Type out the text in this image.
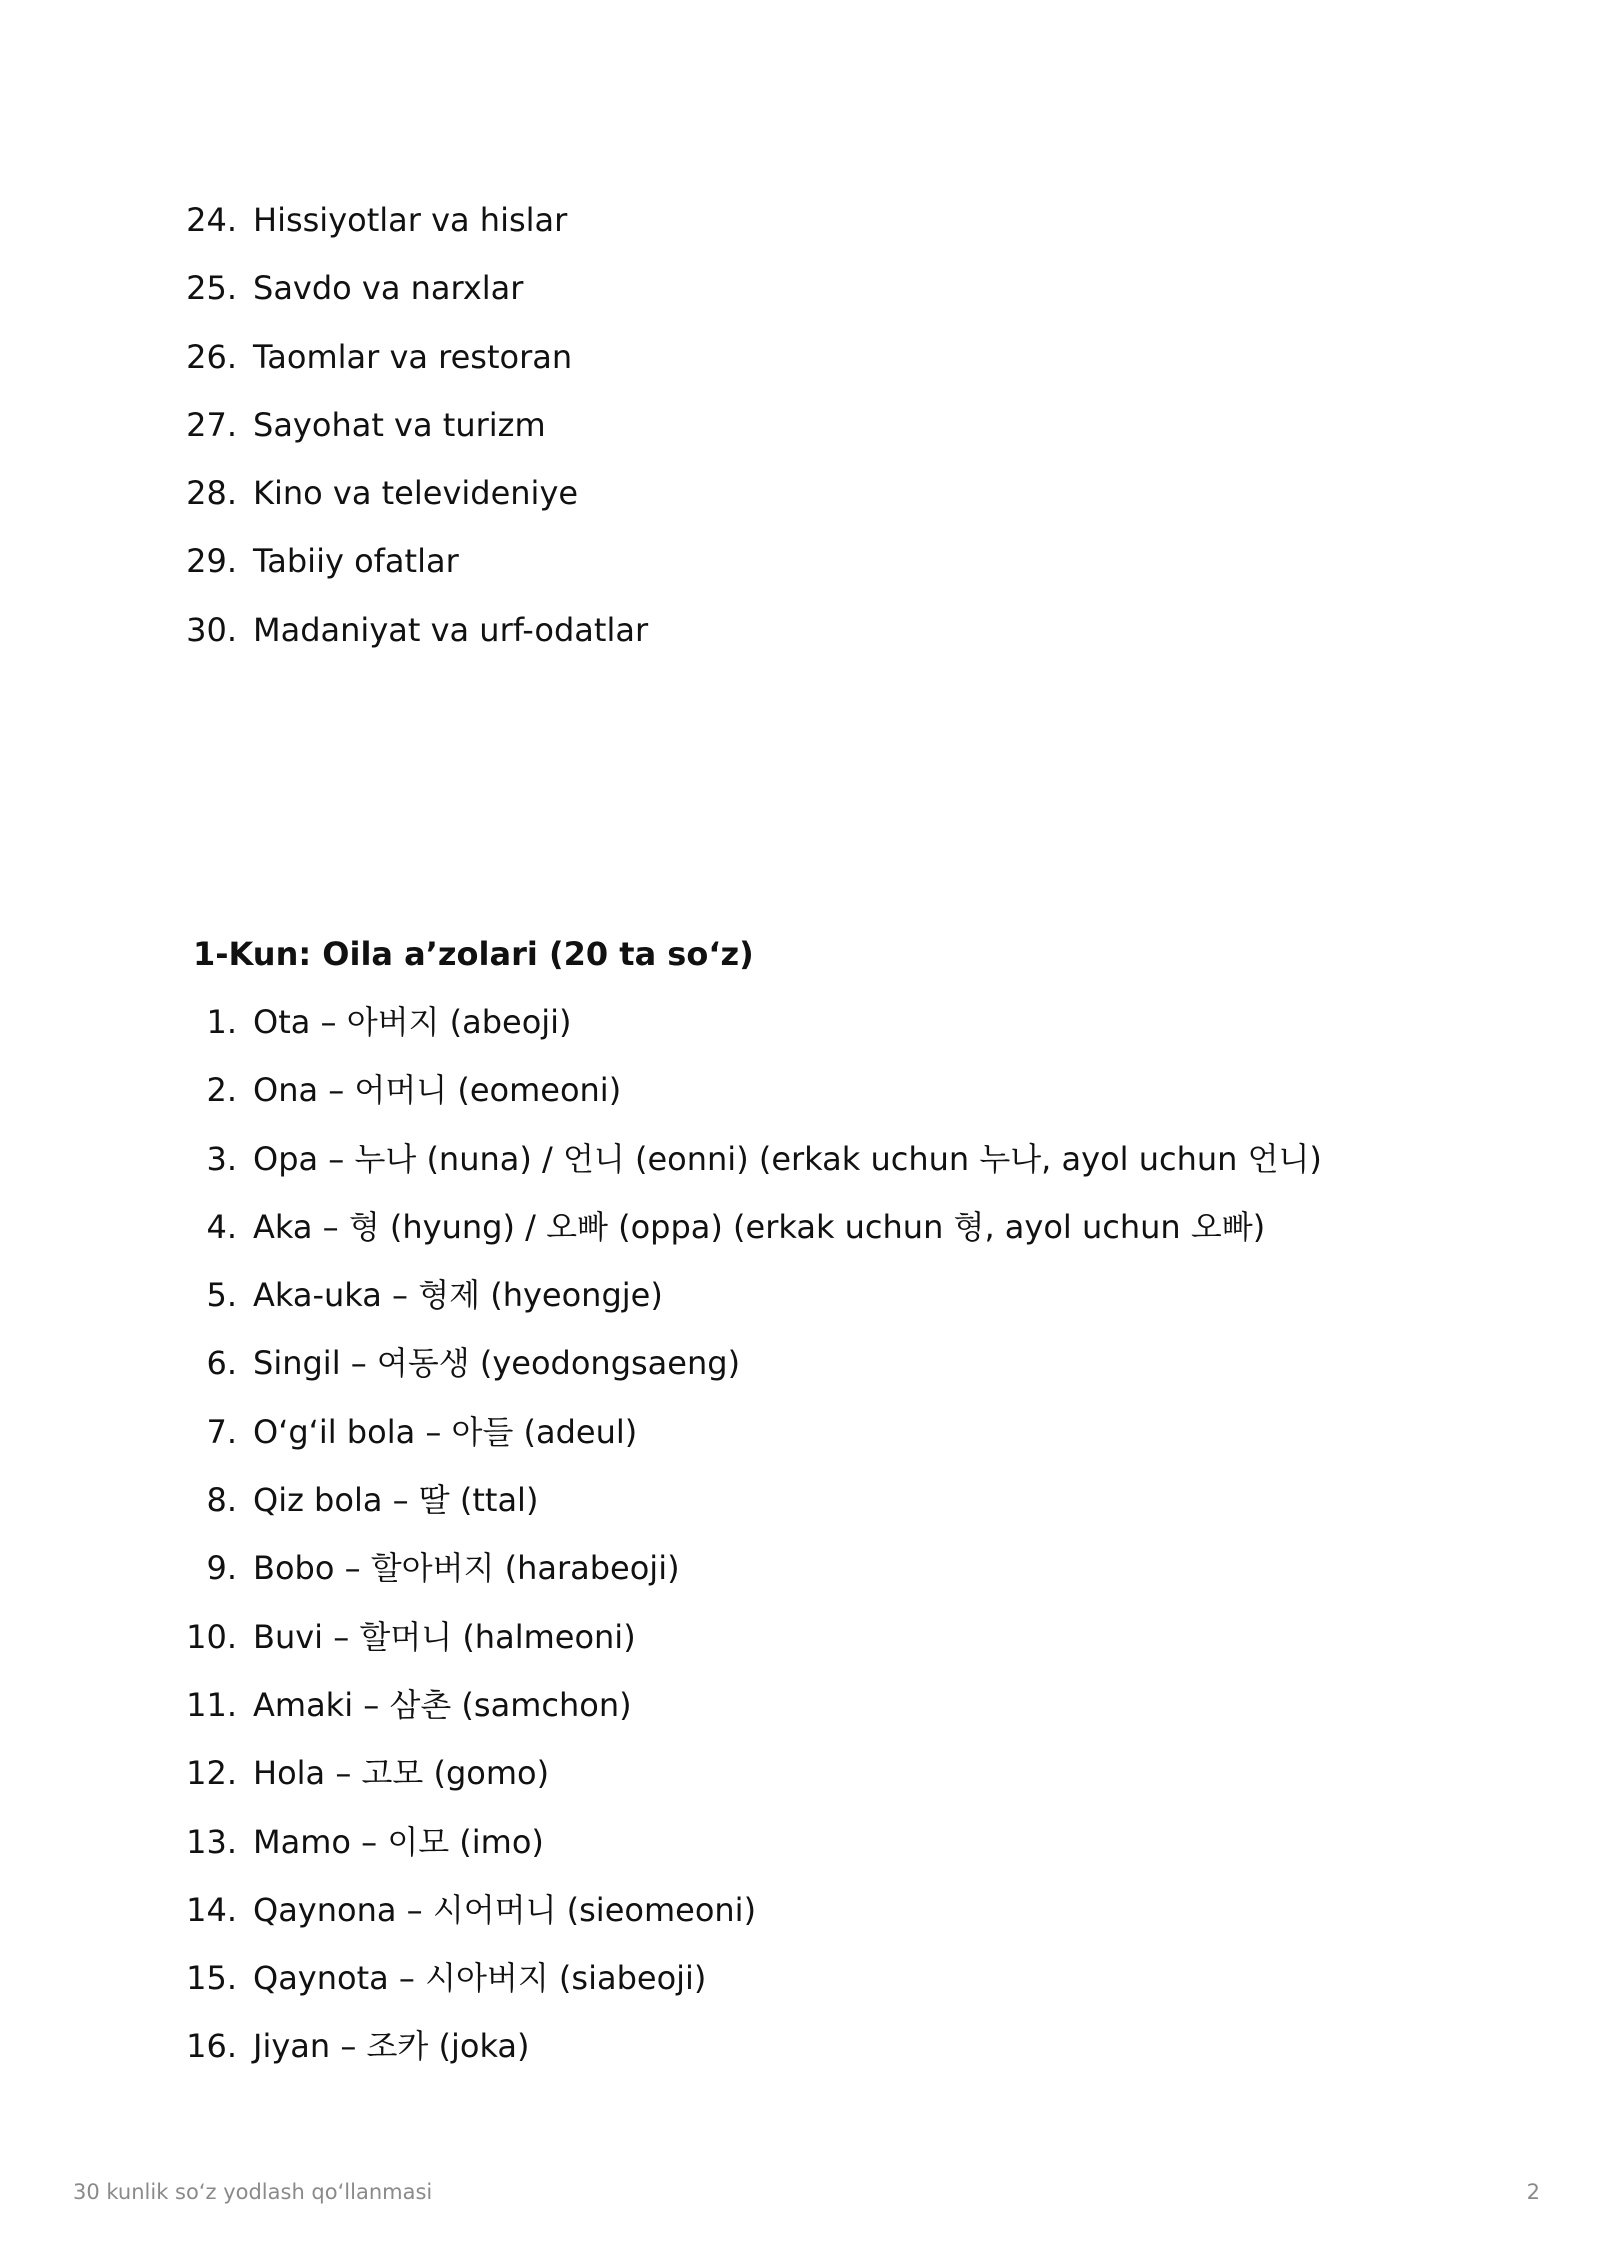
24. Hissiyotlar va hislar
25. Savdo va narxlar
26. Taomlar va restoran
27. Sayohat va turizm
28. Kino va televideniye
29. Tabiiy ofatlar
30. Madaniyat va urf-odatlar
1-Kun: Oila a’zolari (20 ta so‘z)
1. Ota – 아버지 (abeoji)
2. Ona – 어머니 (eomeoni)
3. Opa – 누나 (nuna) / 언니 (eonni) (erkak uchun 누나, ayol uchun 언니)
4. Aka – 형 (hyung) / 오빠 (oppa) (erkak uchun 형, ayol uchun 오빠)
5. Aka-uka – 형제 (hyeongje)
6. Singil – 여동생 (yeodongsaeng)
7. O‘g‘il bola – 아들 (adeul)
8. Qiz bola – 딸 (ttal)
9. Bobo – 할아버지 (harabeoji)
10. Buvi – 할머니 (halmeoni)
11. Amaki – 삼촌 (samchon)
12. Hola – 고모 (gomo)
13. Mamo – 이모 (imo)
14. Qaynona – 시어머니 (sieomeoni)
15. Qaynota – 시아버지 (siabeoji)
16. Jiyan – 조카 (joka)
30 kunlik so‘z yodlash qo‘llanmasi	2
